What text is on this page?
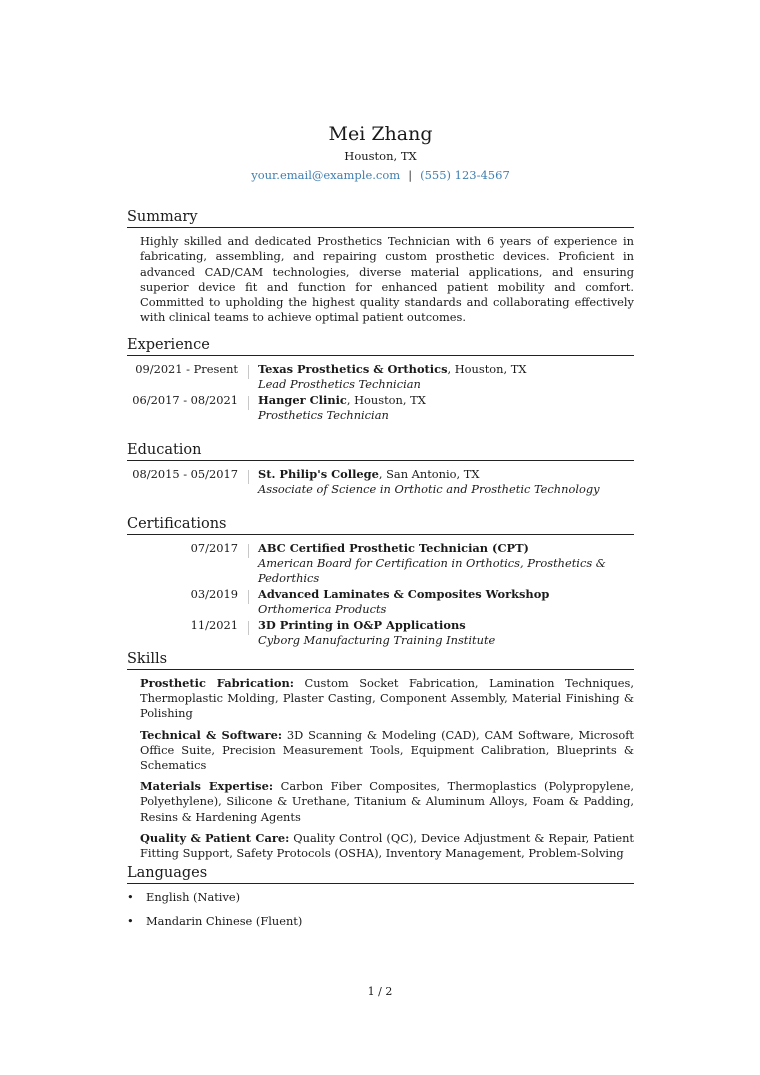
Mei Zhang
Houston, TX
your.email@example.com | (555) 123-4567
Summary
Highly skilled and dedicated Prosthetics Technician with 6 years of experience in fabricating, assembling, and repairing custom prosthetic devices. Proficient in advanced CAD/CAM technologies, diverse material applications, and ensuring superior device fit and function for enhanced patient mobility and comfort. Committed to upholding the highest quality standards and collaborating effectively with clinical teams to achieve optimal patient outcomes.
Experience
09/2021 - Present Texas Prosthetics & Orthotics, Houston, TX
Lead Prosthetics Technician
06/2017 - 08/2021 Hanger Clinic, Houston, TX
Prosthetics Technician
Education
08/2015 - 05/2017 St. Philip's College, San Antonio, TX
Associate of Science in Orthotic and Prosthetic Technology
Certifications
07/2017 ABC Certified Prosthetic Technician (CPT)
American Board for Certification in Orthotics, Prosthetics & Pedorthics
03/2019 Advanced Laminates & Composites Workshop
Orthomerica Products
11/2021 3D Printing in O&P Applications
Cyborg Manufacturing Training Institute
Skills
Prosthetic Fabrication: Custom Socket Fabrication, Lamination Techniques, Thermoplastic Molding, Plaster Casting, Component Assembly, Material Finishing & Polishing
Technical & Software: 3D Scanning & Modeling (CAD), CAM Software, Microsoft Office Suite, Precision Measurement Tools, Equipment Calibration, Blueprints & Schematics
Materials Expertise: Carbon Fiber Composites, Thermoplastics (Polypropylene, Polyethylene), Silicone & Urethane, Titanium & Aluminum Alloys, Foam & Padding, Resins & Hardening Agents
Quality & Patient Care: Quality Control (QC), Device Adjustment & Repair, Patient Fitting Support, Safety Protocols (OSHA), Inventory Management, Problem-Solving
Languages
• English (Native)
• Mandarin Chinese (Fluent)
1 / 2
